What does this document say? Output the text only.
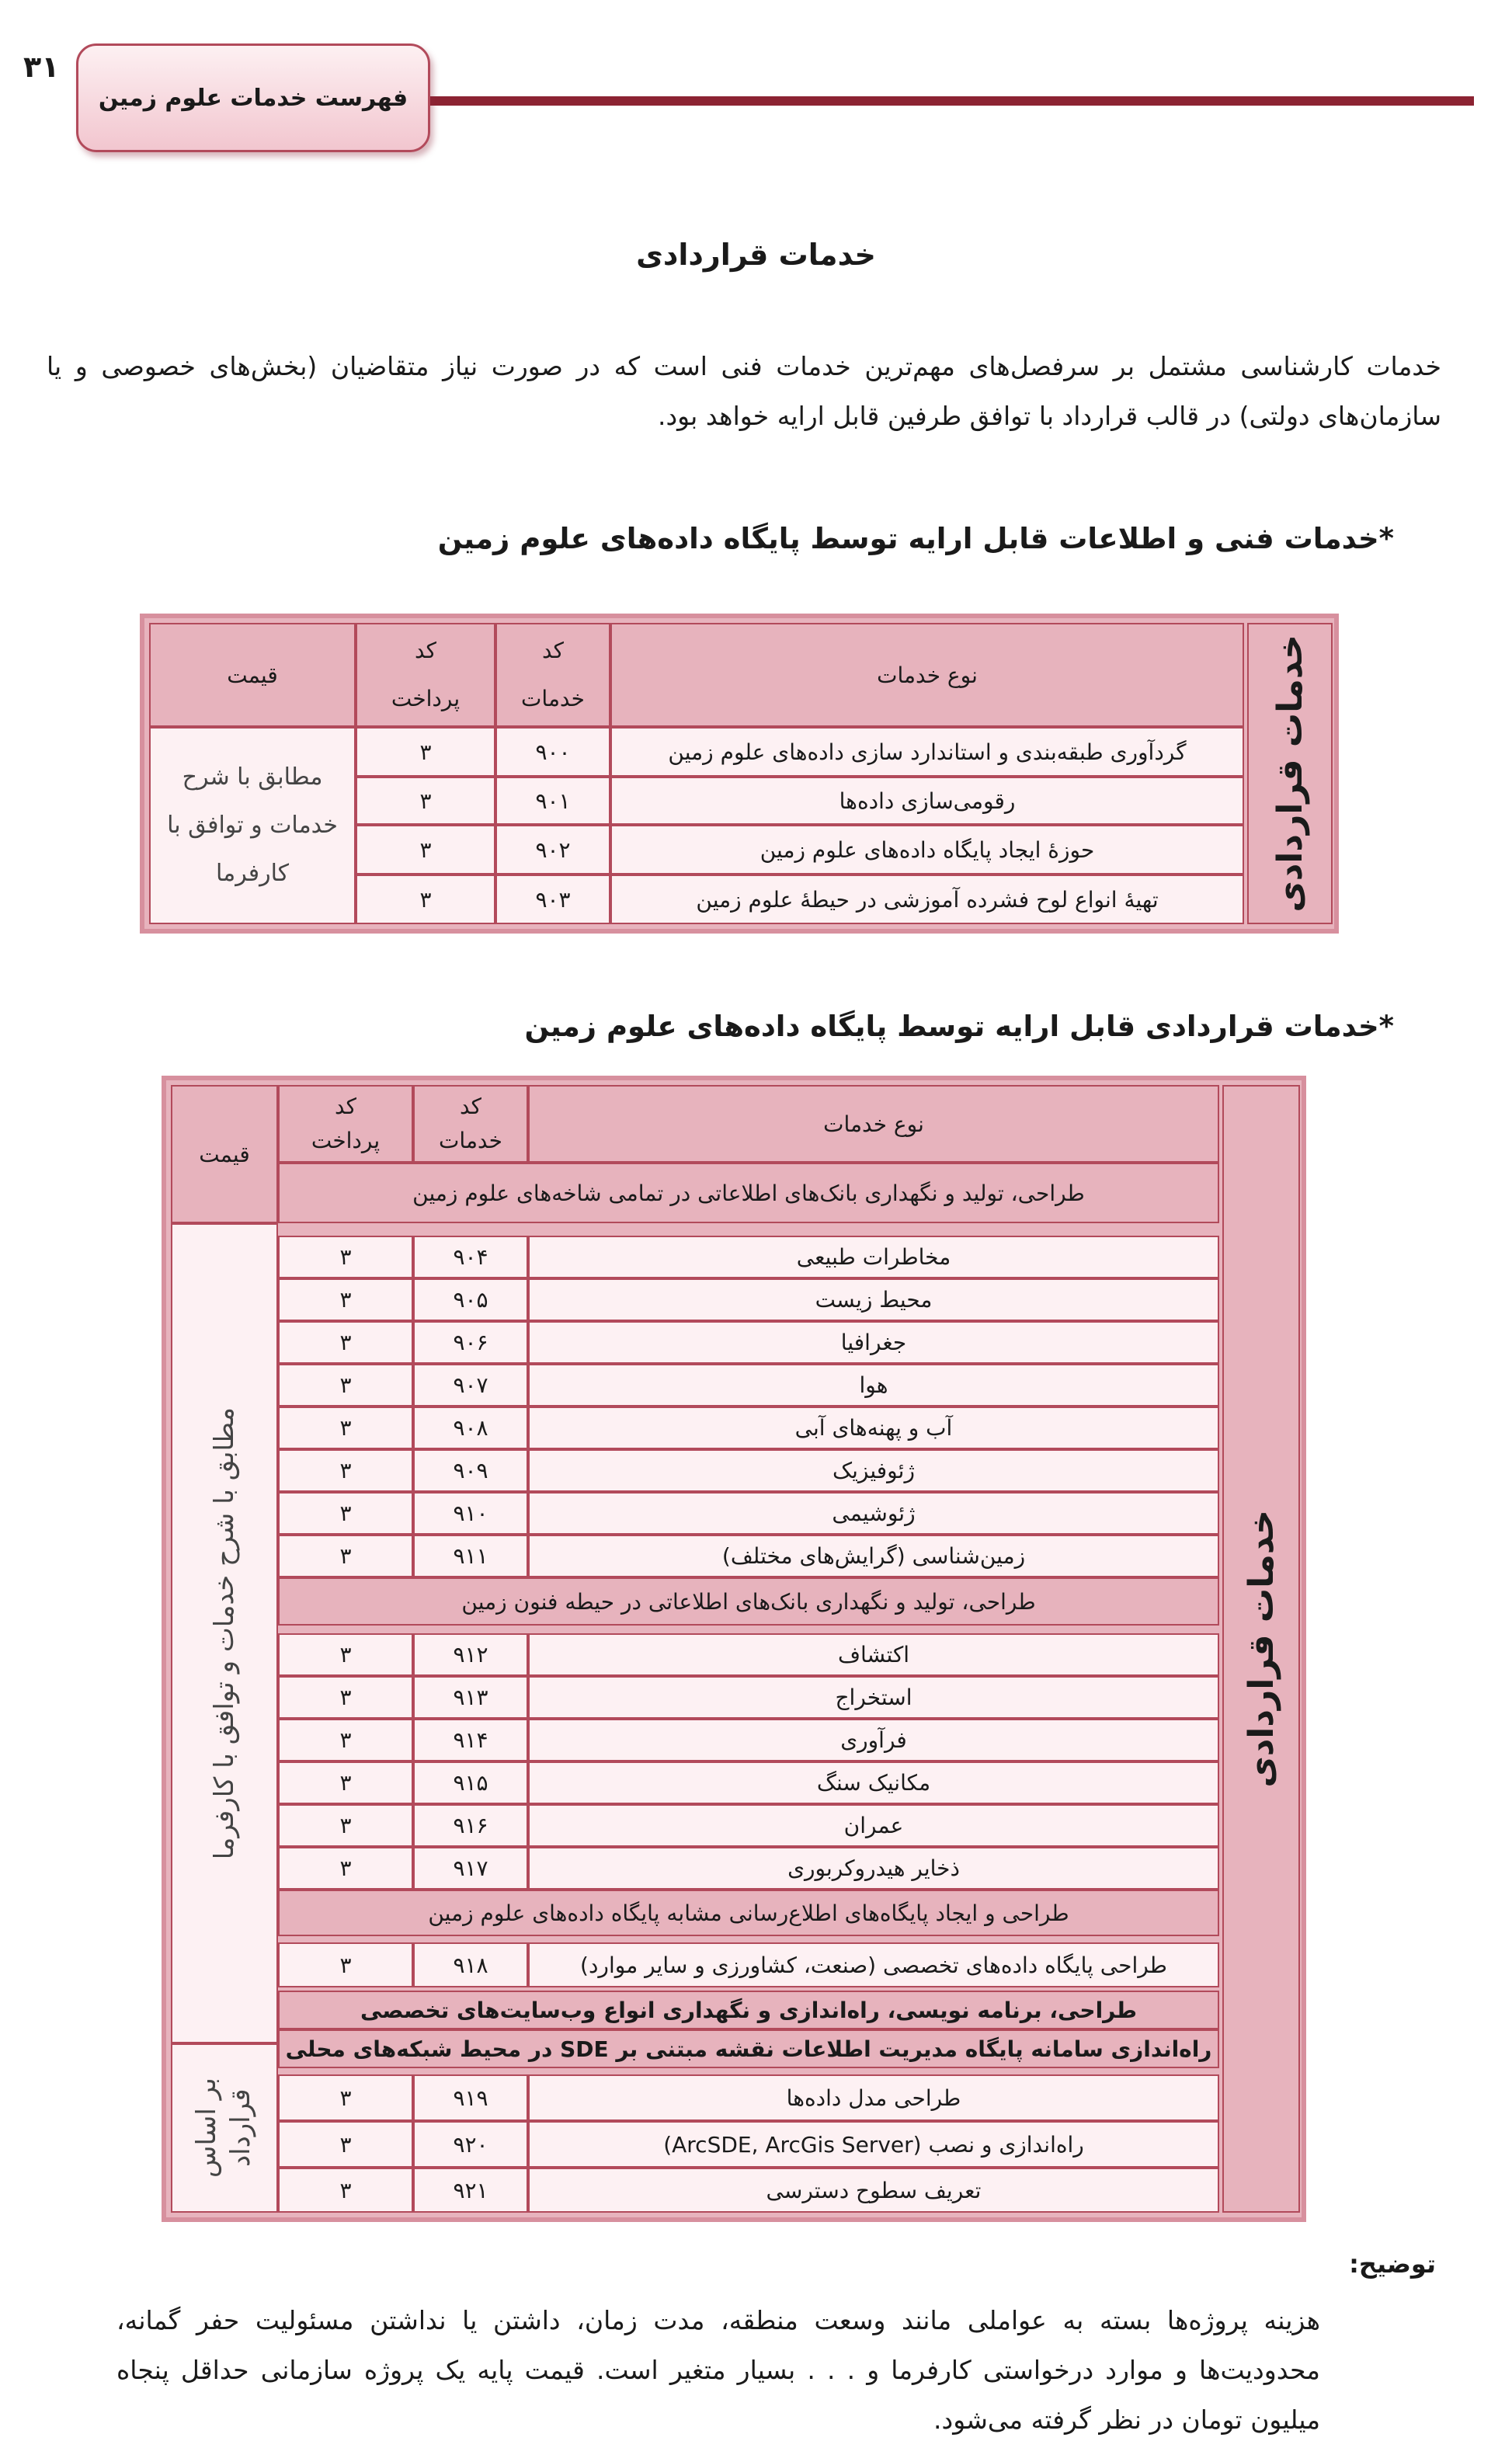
۳۱
فهرست خدمات علوم زمین
خدمات قراردادی
خدمات کارشناسی مشتمل بر سرفصل‌های مهم‌ترین خدمات فنی است که در صورت نیاز متقاضیان (بخش‌های خصوصی و یا سازمان‌های دولتی) در قالب قرارداد با توافق طرفین قابل ارایه خواهد بود.
*خدمات فنی و اطلاعات قابل ارایه توسط پایگاه داده‌های علوم زمین
خدمات قراردادی
نوع خدمات
کد خدمات
کد پرداخت
قیمت
مطابق با شرح خدمات و توافق با کارفرما
گردآوری طبقه‌بندی و استاندارد سازی داده‌های علوم زمین
۹۰۰
۳
رقومی‌سازی داده‌ها
۹۰۱
۳
حوزهٔ ایجاد پایگاه داده‌های علوم زمین
۹۰۲
۳
تهیهٔ انواع لوح فشرده آموزشی در حیطهٔ علوم زمین
۹۰۳
۳
*خدمات قراردادی قابل ارایه توسط پایگاه داده‌های علوم زمین
خدمات قراردادی
نوع خدمات
کد خدمات
کد پرداخت
قیمت
طراحی، تولید و نگهداری بانک‌های اطلاعاتی در تمامی شاخه‌های علوم زمین
مطابق با شرح خدمات و توافق با کارفرما
بر اساس قرارداد
مخاطرات طبیعی
۹۰۴
۳
محیط زیست
۹۰۵
۳
جغرافیا
۹۰۶
۳
هوا
۹۰۷
۳
آب و پهنه‌های آبی
۹۰۸
۳
ژئوفیزیک
۹۰۹
۳
ژئوشیمی
۹۱۰
۳
زمین‌شناسی (گرایش‌های مختلف)
۹۱۱
۳
طراحی، تولید و نگهداری بانک‌های اطلاعاتی در حیطه فنون زمین
اکتشاف
۹۱۲
۳
استخراج
۹۱۳
۳
فرآوری
۹۱۴
۳
مکانیک سنگ
۹۱۵
۳
عمران
۹۱۶
۳
ذخایر هیدروکربوری
۹۱۷
۳
طراحی و ایجاد پایگاه‌های اطلاع‌رسانی مشابه پایگاه داده‌های علوم زمین
طراحی پایگاه داده‌های تخصصی (صنعت، کشاورزی و سایر موارد)
۹۱۸
۳
طراحی، برنامه نویسی، راه‌اندازی و نگهداری انواع وب‌سایت‌های تخصصی
راه‌اندازی سامانه پایگاه مدیریت اطلاعات نقشه مبتنی بر SDE در محیط شبکه‌های محلی
طراحی مدل داده‌ها
۹۱۹
۳
راه‌اندازی و نصب (ArcSDE, ArcGis Server)
۹۲۰
۳
تعریف سطوح دسترسی
۹۲۱
۳
توضیح:
هزینه پروژه‌ها بسته به عواملی مانند وسعت منطقه، مدت زمان، داشتن یا نداشتن مسئولیت حفر گمانه، محدودیت‌ها و موارد درخواستی کارفرما و . . . بسیار متغیر است. قیمت پایه یک پروژه سازمانی حداقل پنجاه میلیون تومان در نظر گرفته می‌شود.
